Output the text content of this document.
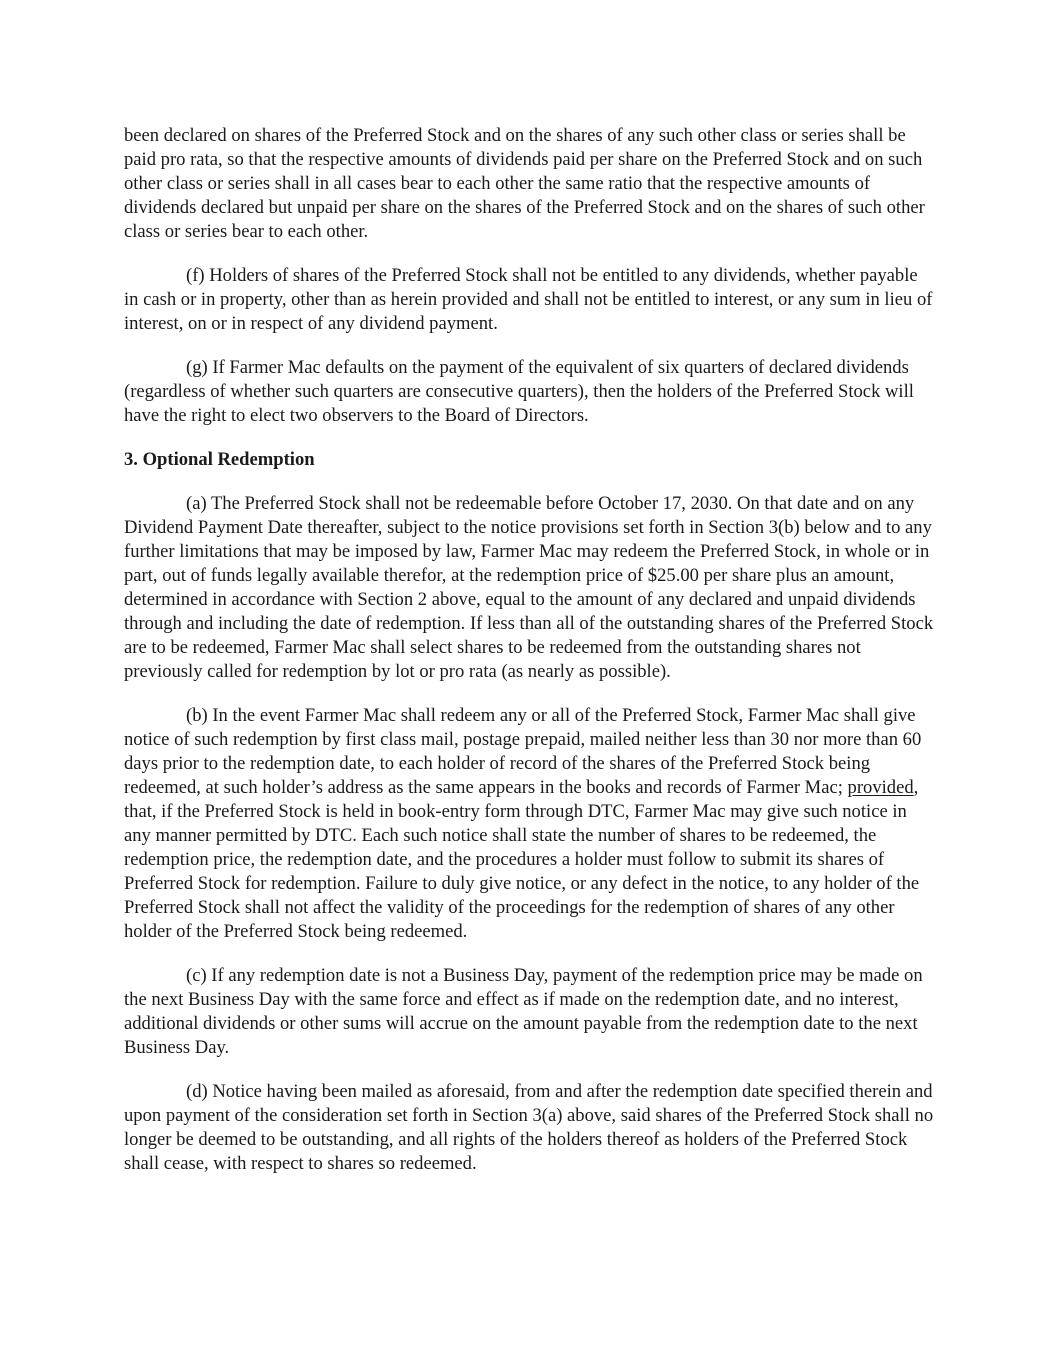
been declared on shares of the Preferred Stock and on the shares of any such other class or series shall be paid pro rata, so that the respective amounts of dividends paid per share on the Preferred Stock and on such other class or series shall in all cases bear to each other the same ratio that the respective amounts of dividends declared but unpaid per share on the shares of the Preferred Stock and on the shares of such other class or series bear to each other.

(f) Holders of shares of the Preferred Stock shall not be entitled to any dividends, whether payable in cash or in property, other than as herein provided and shall not be entitled to interest, or any sum in lieu of interest, on or in respect of any dividend payment.

(g) If Farmer Mac defaults on the payment of the equivalent of six quarters of declared dividends (regardless of whether such quarters are consecutive quarters), then the holders of the Preferred Stock will have the right to elect two observers to the Board of Directors.

3. Optional Redemption

(a) The Preferred Stock shall not be redeemable before October 17, 2030. On that date and on any Dividend Payment Date thereafter, subject to the notice provisions set forth in Section 3(b) below and to any further limitations that may be imposed by law, Farmer Mac may redeem the Preferred Stock, in whole or in part, out of funds legally available therefor, at the redemption price of $25.00 per share plus an amount, determined in accordance with Section 2 above, equal to the amount of any declared and unpaid dividends through and including the date of redemption. If less than all of the outstanding shares of the Preferred Stock are to be redeemed, Farmer Mac shall select shares to be redeemed from the outstanding shares not previously called for redemption by lot or pro rata (as nearly as possible).

(b) In the event Farmer Mac shall redeem any or all of the Preferred Stock, Farmer Mac shall give notice of such redemption by first class mail, postage prepaid, mailed neither less than 30 nor more than 60 days prior to the redemption date, to each holder of record of the shares of the Preferred Stock being redeemed, at such holder’s address as the same appears in the books and records of Farmer Mac; provided, that, if the Preferred Stock is held in book-entry form through DTC, Farmer Mac may give such notice in any manner permitted by DTC. Each such notice shall state the number of shares to be redeemed, the redemption price, the redemption date, and the procedures a holder must follow to submit its shares of Preferred Stock for redemption. Failure to duly give notice, or any defect in the notice, to any holder of the Preferred Stock shall not affect the validity of the proceedings for the redemption of shares of any other holder of the Preferred Stock being redeemed.

(c) If any redemption date is not a Business Day, payment of the redemption price may be made on the next Business Day with the same force and effect as if made on the redemption date, and no interest, additional dividends or other sums will accrue on the amount payable from the redemption date to the next Business Day.

(d) Notice having been mailed as aforesaid, from and after the redemption date specified therein and upon payment of the consideration set forth in Section 3(a) above, said shares of the Preferred Stock shall no longer be deemed to be outstanding, and all rights of the holders thereof as holders of the Preferred Stock shall cease, with respect to shares so redeemed.
